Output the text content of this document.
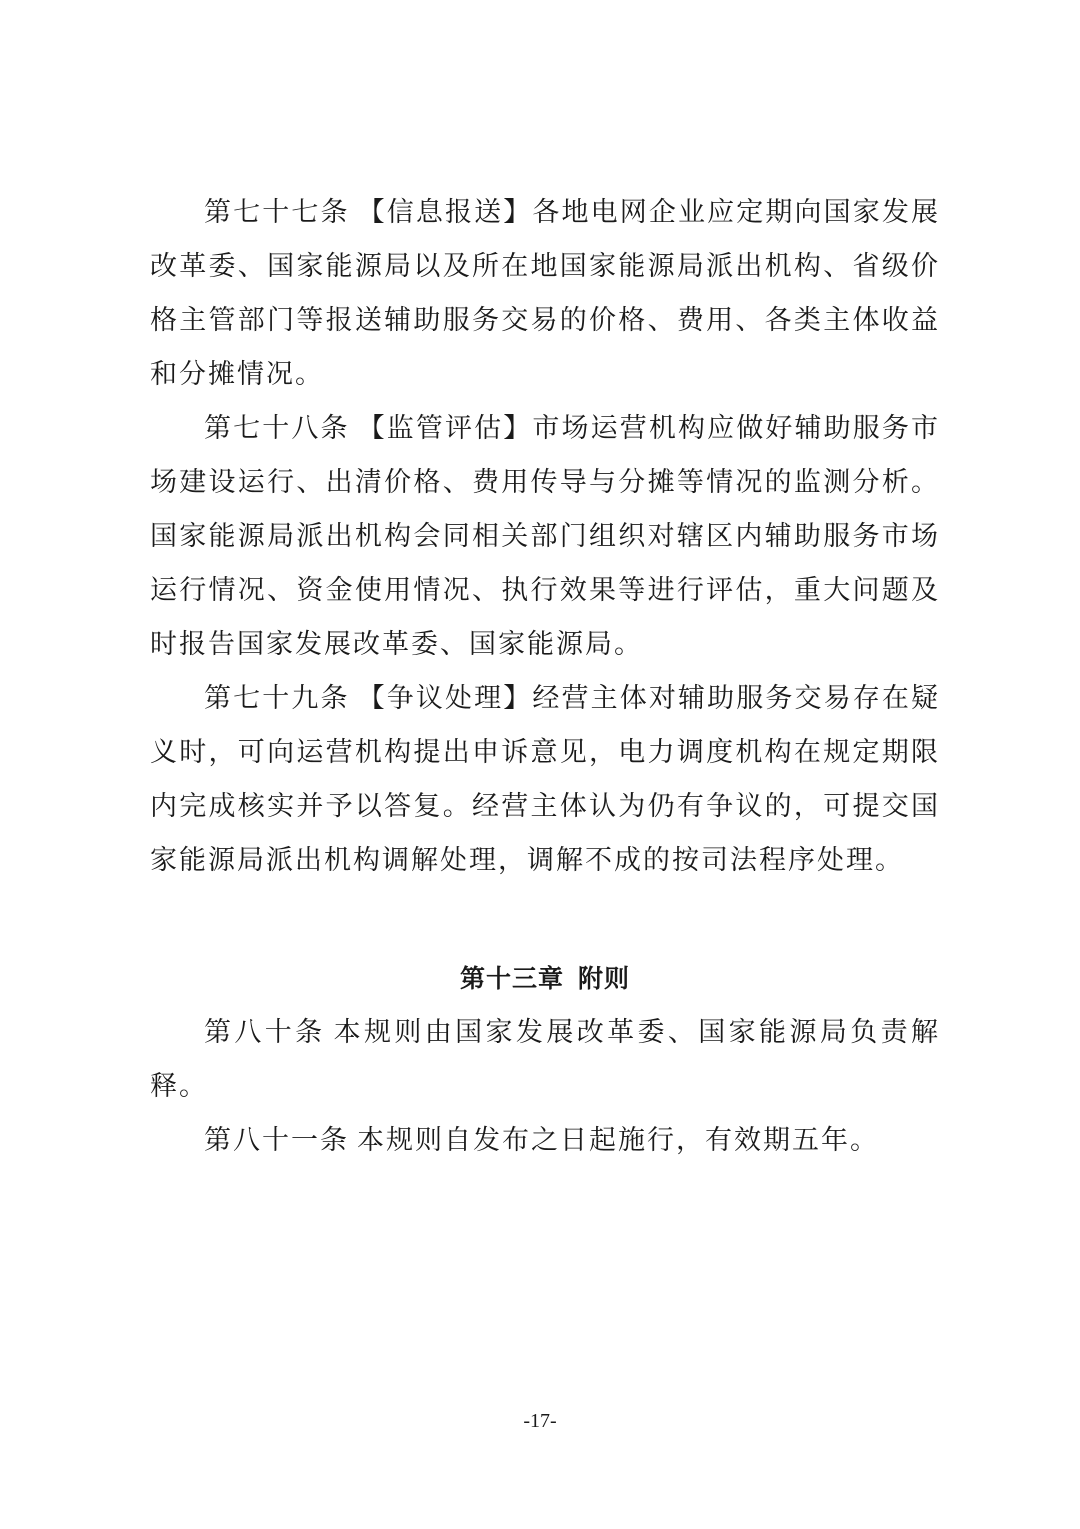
第七十七条 【信息报送】各地电网企业应定期向国家发展改革委、国家能源局以及所在地国家能源局派出机构、省级价格主管部门等报送辅助服务交易的价格、费用、各类主体收益和分摊情况。

第七十八条 【监管评估】市场运营机构应做好辅助服务市场建设运行、出清价格、费用传导与分摊等情况的监测分析。国家能源局派出机构会同相关部门组织对辖区内辅助服务市场运行情况、资金使用情况、执行效果等进行评估，重大问题及时报告国家发展改革委、国家能源局。

第七十九条 【争议处理】经营主体对辅助服务交易存在疑义时，可向运营机构提出申诉意见，电力调度机构在规定期限内完成核实并予以答复。经营主体认为仍有争议的，可提交国家能源局派出机构调解处理，调解不成的按司法程序处理。

第十三章 附则

第八十条 本规则由国家发展改革委、国家能源局负责解释。

第八十一条 本规则自发布之日起施行，有效期五年。

-17-
